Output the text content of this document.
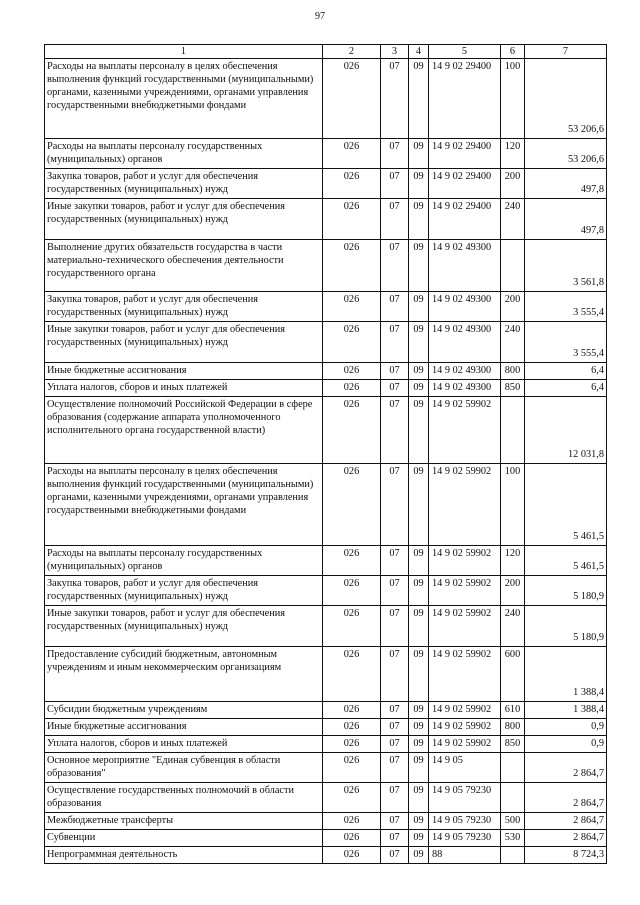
97
1	2	3	4	5	6	7
Расходы на выплаты персоналу в целях обеспечения выполнения функций государственными (муниципальными) органами, казенными учреждениями, органами управления государственными внебюджетными фондами	026	07	09	14 9 02 29400	100	53 206,6
Расходы на выплаты персоналу государственных (муниципальных) органов	026	07	09	14 9 02 29400	120	53 206,6
Закупка товаров, работ и услуг для обеспечения государственных (муниципальных) нужд	026	07	09	14 9 02 29400	200	497,8
Иные закупки товаров, работ и услуг для обеспечения государственных (муниципальных) нужд	026	07	09	14 9 02 29400	240	497,8
Выполнение других обязательств государства в части материально-технического обеспечения деятельности государственного органа	026	07	09	14 9 02 49300		3 561,8
Закупка товаров, работ и услуг для обеспечения государственных (муниципальных) нужд	026	07	09	14 9 02 49300	200	3 555,4
Иные закупки товаров, работ и услуг для обеспечения государственных (муниципальных) нужд	026	07	09	14 9 02 49300	240	3 555,4
Иные бюджетные ассигнования	026	07	09	14 9 02 49300	800	6,4
Уплата налогов, сборов и иных платежей	026	07	09	14 9 02 49300	850	6,4
Осуществление полномочий Российской Федерации в сфере образования (содержание аппарата уполномоченного исполнительного органа государственной власти)	026	07	09	14 9 02 59902		12 031,8
Расходы на выплаты персоналу в целях обеспечения выполнения функций государственными (муниципальными) органами, казенными учреждениями, органами управления государственными внебюджетными фондами	026	07	09	14 9 02 59902	100	5 461,5
Расходы на выплаты персоналу государственных (муниципальных) органов	026	07	09	14 9 02 59902	120	5 461,5
Закупка товаров, работ и услуг для обеспечения государственных (муниципальных) нужд	026	07	09	14 9 02 59902	200	5 180,9
Иные закупки товаров, работ и услуг для обеспечения государственных (муниципальных) нужд	026	07	09	14 9 02 59902	240	5 180,9
Предоставление субсидий бюджетным, автономным учреждениям и иным некоммерческим организациям	026	07	09	14 9 02 59902	600	1 388,4
Субсидии бюджетным учреждениям	026	07	09	14 9 02 59902	610	1 388,4
Иные бюджетные ассигнования	026	07	09	14 9 02 59902	800	0,9
Уплата налогов, сборов и иных платежей	026	07	09	14 9 02 59902	850	0,9
Основное мероприятие "Единая субвенция в области образования"	026	07	09	14 9 05		2 864,7
Осуществление государственных полномочий в области образования	026	07	09	14 9 05 79230		2 864,7
Межбюджетные трансферты	026	07	09	14 9 05 79230	500	2 864,7
Субвенции	026	07	09	14 9 05 79230	530	2 864,7
Непрограммная деятельность	026	07	09	88		8 724,3
